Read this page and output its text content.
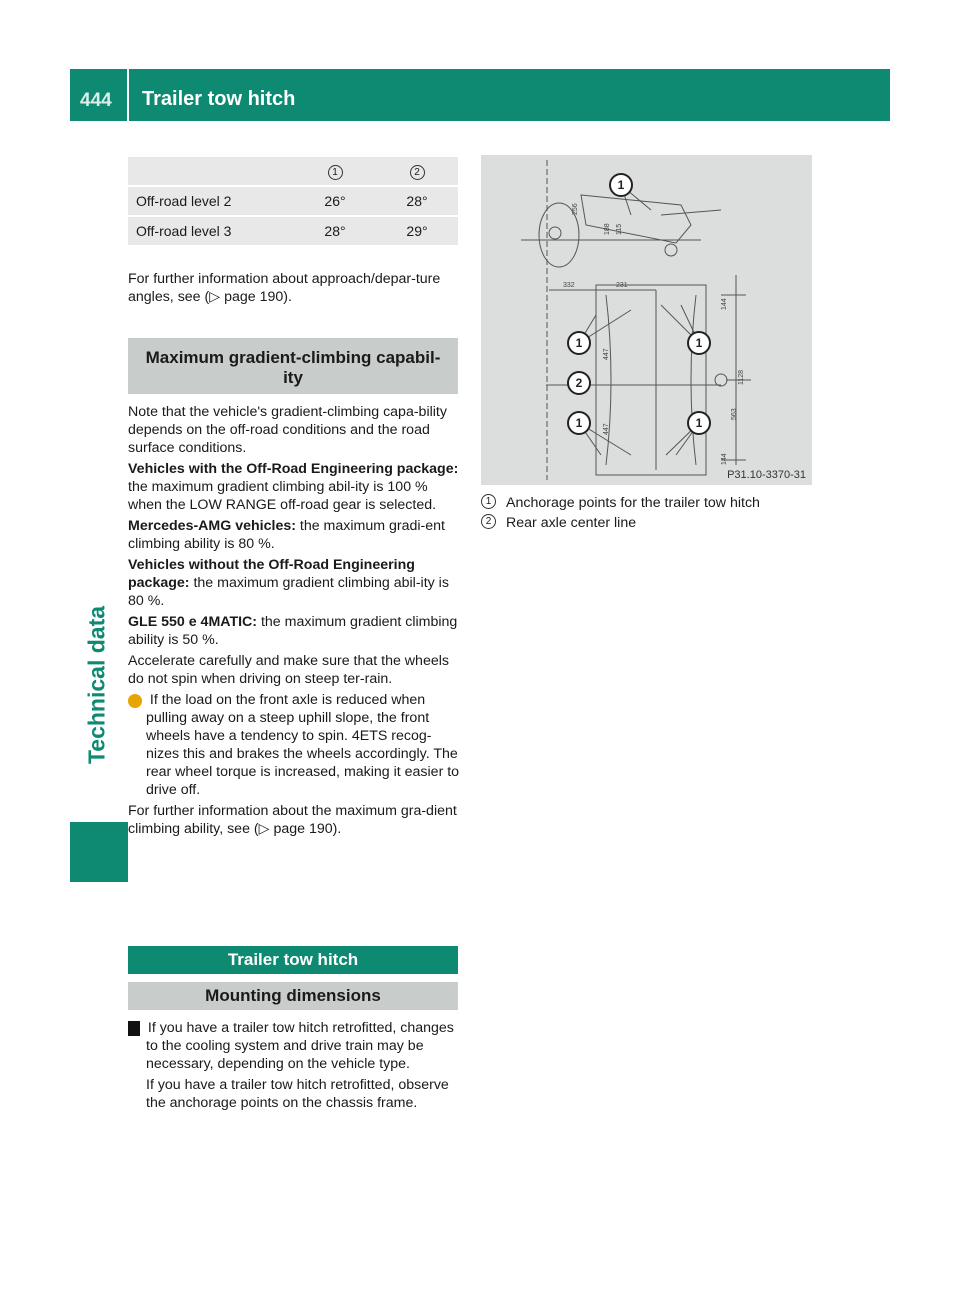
444 Trailer tow hitch
Technical data
	1	2
Off-road level 2	26°	28°
Off-road level 3	28°	29°

For further information about approach/depar-ture angles, see (▷ page 190).

Maximum gradient-climbing capabil-ity

Note that the vehicle's gradient-climbing capa-bility depends on the off-road conditions and the road surface conditions.

Vehicles with the Off-Road Engineering package: the maximum gradient climbing abil-ity is 100 % when the LOW RANGE off-road gear is selected.

Mercedes-AMG vehicles: the maximum gradi-ent climbing ability is 80 %.

Vehicles without the Off-Road Engineering package: the maximum gradient climbing abil-ity is 80 %.

GLE 550 e 4MATIC: the maximum gradient climbing ability is 50 %.

Accelerate carefully and make sure that the wheels do not spin when driving on steep ter-rain.

i If the load on the front axle is reduced when pulling away on a steep uphill slope, the front wheels have a tendency to spin. 4ETS recog-nizes this and brakes the wheels accordingly. The rear wheel torque is increased, making it easier to drive off.

For further information about the maximum gra-dient climbing ability, see (▷ page 190).

Trailer tow hitch
Mounting dimensions

! If you have a trailer tow hitch retrofitted, changes to the cooling system and drive train may be necessary, depending on the vehicle type.

If you have a trailer tow hitch retrofitted, observe the anchorage points on the chassis frame.

1
1	1
2
1	1
256
332	231
188 115
447
447
1128
563
144
144
P31.10-3370-31
1	Anchorage points for the trailer tow hitch
2	Rear axle center line
